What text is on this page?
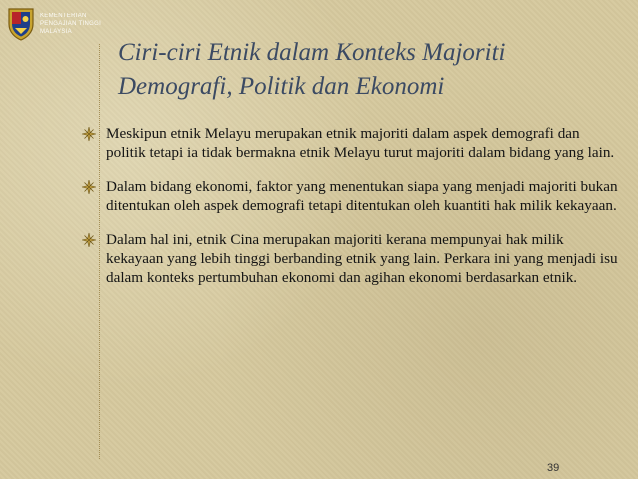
KEMENTERIAN
PENGAJIAN TINGGI
MALAYSIA
Ciri-ciri Etnik dalam Konteks Majoriti
Demografi, Politik dan Ekonomi
Meskipun etnik Melayu merupakan etnik majoriti dalam aspek demografi dan politik tetapi ia tidak bermakna etnik Melayu turut majoriti dalam bidang yang lain.
Dalam bidang ekonomi, faktor yang menentukan siapa yang menjadi majoriti bukan ditentukan oleh aspek demografi tetapi ditentukan oleh kuantiti hak milik kekayaan.
Dalam hal ini, etnik Cina merupakan majoriti kerana mempunyai hak milik kekayaan yang lebih tinggi berbanding etnik yang lain. Perkara ini yang menjadi isu dalam konteks pertumbuhan ekonomi dan agihan ekonomi berdasarkan etnik.
39
